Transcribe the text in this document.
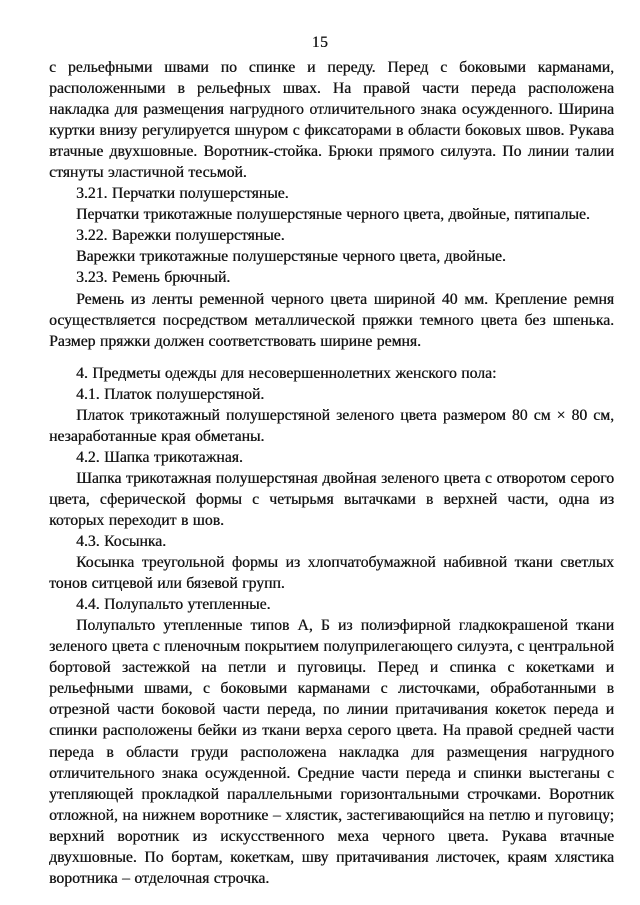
15

с рельефными швами по спинке и переду. Перед с боковыми карманами, расположенными в рельефных швах. На правой части переда расположена накладка для размещения нагрудного отличительного знака осужденного. Ширина куртки внизу регулируется шнуром с фиксаторами в области боковых швов. Рукава втачные двухшовные. Воротник-стойка. Брюки прямого силуэта. По линии талии стянуты эластичной тесьмой.

3.21. Перчатки полушерстяные.

Перчатки трикотажные полушерстяные черного цвета, двойные, пятипалые.

3.22. Варежки полушерстяные.

Варежки трикотажные полушерстяные черного цвета, двойные.

3.23. Ремень брючный.

Ремень из ленты ременной черного цвета шириной 40 мм. Крепление ремня осуществляется посредством металлической пряжки темного цвета без шпенька. Размер пряжки должен соответствовать ширине ремня.

4. Предметы одежды для несовершеннолетних женского пола:

4.1. Платок полушерстяной.

Платок трикотажный полушерстяной зеленого цвета размером 80 см × 80 см, незаработанные края обметаны.

4.2. Шапка трикотажная.

Шапка трикотажная полушерстяная двойная зеленого цвета с отворотом серого цвета, сферической формы с четырьмя вытачками в верхней части, одна из которых переходит в шов.

4.3. Косынка.

Косынка треугольной формы из хлопчатобумажной набивной ткани светлых тонов ситцевой или бязевой групп.

4.4. Полупальто утепленные.

Полупальто утепленные типов А, Б из полиэфирной гладкокрашеной ткани зеленого цвета с пленочным покрытием полуприлегающего силуэта, с центральной бортовой застежкой на петли и пуговицы. Перед и спинка с кокетками и рельефными швами, с боковыми карманами с листочками, обработанными в отрезной части боковой части переда, по линии притачивания кокеток переда и спинки расположены бейки из ткани верха серого цвета. На правой средней части переда в области груди расположена накладка для размещения нагрудного отличительного знака осужденной. Средние части переда и спинки выстеганы с утепляющей прокладкой параллельными горизонтальными строчками. Воротник отложной, на нижнем воротнике – хлястик, застегивающийся на петлю и пуговицу; верхний воротник из искусственного меха черного цвета. Рукава втачные двухшовные. По бортам, кокеткам, шву притачивания листочек, краям хлястика воротника – отделочная строчка.
